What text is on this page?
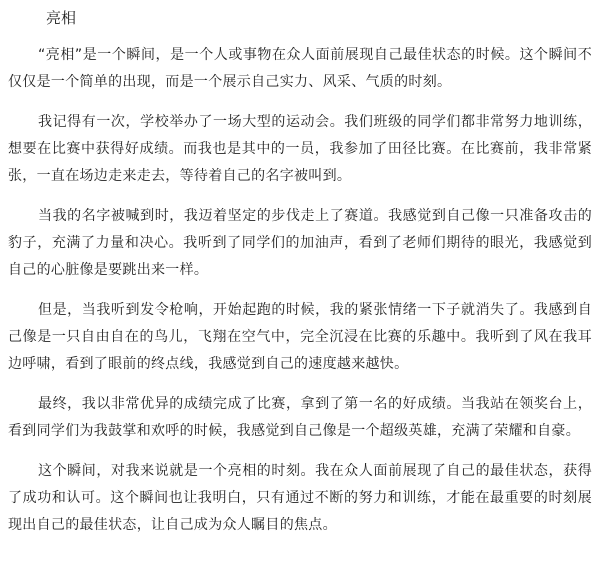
亮相

“亮相”是一个瞬间，是一个人或事物在众人面前展现自己最佳状态的时候。这个瞬间不仅仅是一个简单的出现，而是一个展示自己实力、风采、气质的时刻。

我记得有一次，学校举办了一场大型的运动会。我们班级的同学们都非常努力地训练，想要在比赛中获得好成绩。而我也是其中的一员，我参加了田径比赛。在比赛前，我非常紧张，一直在场边走来走去，等待着自己的名字被叫到。

当我的名字被喊到时，我迈着坚定的步伐走上了赛道。我感觉到自己像一只准备攻击的豹子，充满了力量和决心。我听到了同学们的加油声，看到了老师们期待的眼光，我感觉到自己的心脏像是要跳出来一样。

但是，当我听到发令枪响，开始起跑的时候，我的紧张情绪一下子就消失了。我感到自己像是一只自由自在的鸟儿，飞翔在空气中，完全沉浸在比赛的乐趣中。我听到了风在我耳边呼啸，看到了眼前的终点线，我感觉到自己的速度越来越快。

最终，我以非常优异的成绩完成了比赛，拿到了第一名的好成绩。当我站在领奖台上，看到同学们为我鼓掌和欢呼的时候，我感觉到自己像是一个超级英雄，充满了荣耀和自豪。

这个瞬间，对我来说就是一个亮相的时刻。我在众人面前展现了自己的最佳状态，获得了成功和认可。这个瞬间也让我明白，只有通过不断的努力和训练，才能在最重要的时刻展现出自己的最佳状态，让自己成为众人瞩目的焦点。
